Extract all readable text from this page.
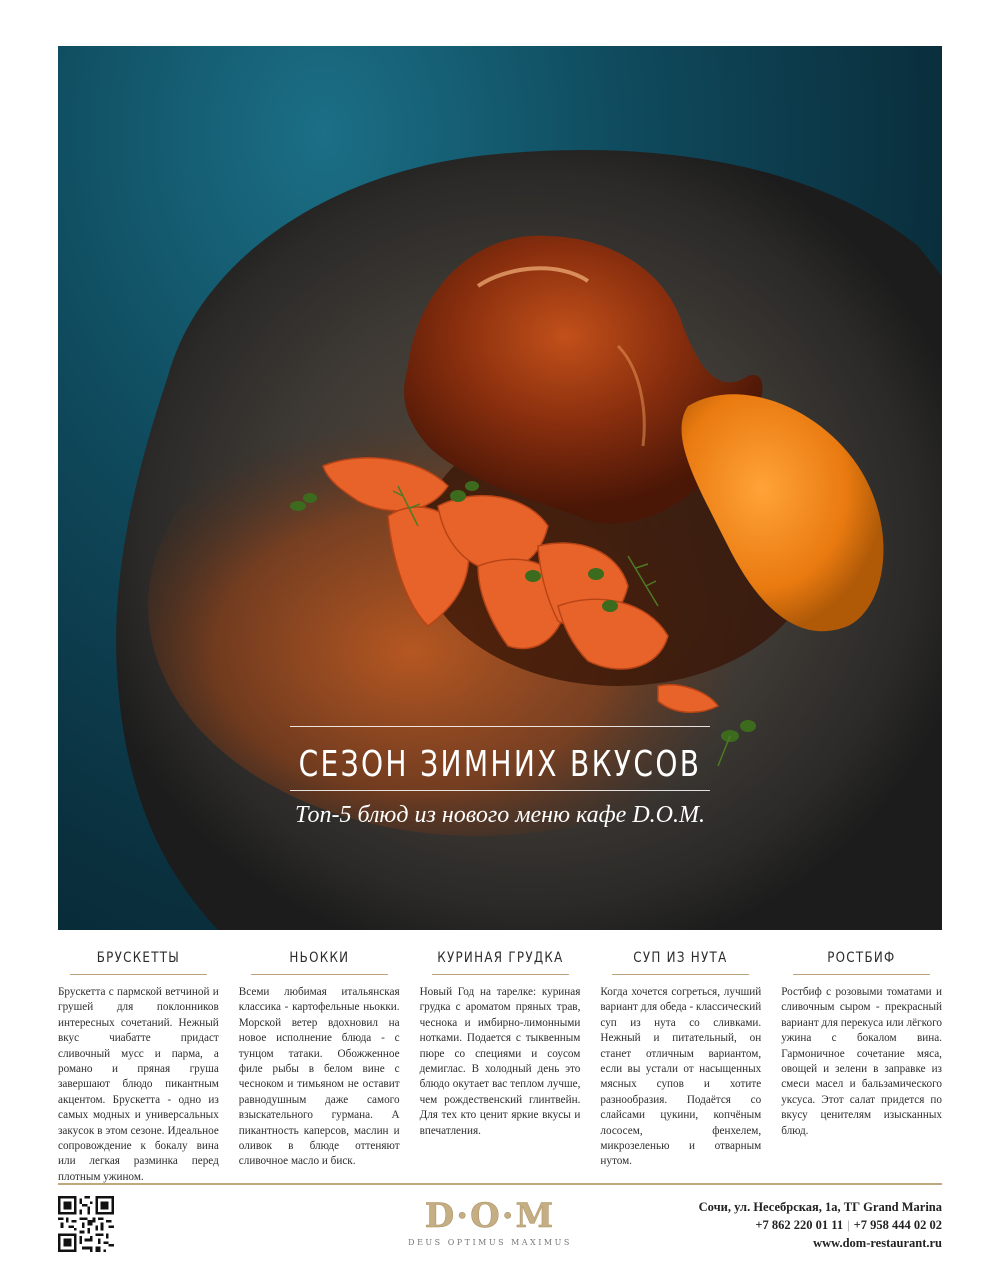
СЕЗОН ЗИМНИХ ВКУСОВ
Топ-5 блюд из нового меню кафе D.O.M.
БРУСКЕТТЫ
Брускетта с пармской ветчиной и грушей для поклонников интересных сочетаний. Нежный вкус чиабатте придаст сливочный мусс и парма, а романо и пряная груша завершают блюдо пикантным акцентом. Брускетта - одно из самых модных и универсальных закусок в этом сезоне. Идеальное сопровождение к бокалу вина или легкая разминка перед плотным ужином.
НЬОККИ
Всеми любимая итальянская классика - картофельные ньокки. Морской ветер вдохновил на новое исполнение блюда - с тунцом татаки. Обожженное филе рыбы в белом вине с чесноком и тимьяном не оставит равнодушным даже самого взыскательного гурмана. А пикантность каперсов, маслин и оливок в блюде оттеняют сливочное масло и биск.
КУРИНАЯ ГРУДКА
Новый Год на тарелке: куриная грудка с ароматом пряных трав, чеснока и имбирно-лимонными нотками. Подается с тыквенным пюре со специями и соусом демиглас. В холодный день это блюдо окутает вас теплом лучше, чем рождественский глинтвейн. Для тех кто ценит яркие вкусы и впечатления.
СУП ИЗ НУТА
Когда хочется согреться, лучший вариант для обеда - классический суп из нута со сливками. Нежный и питательный, он станет отличным вариантом, если вы устали от насыщенных мясных супов и хотите разнообразия. Подаётся со слайсами цукини, копчёным лососем, фенхелем, микрозеленью и отварным нутом.
РОСТБИФ
Ростбиф с розовыми томатами и сливочным сыром - прекрасный вариант для перекуса или лёгкого ужина с бокалом вина. Гармоничное сочетание мяса, овощей и зелени в заправке из смеси масел и бальзамического уксуса. Этот салат придется по вкусу ценителям изысканных блюд.
D·O·M
DEUS OPTIMUS MAXIMUS
Сочи, ул. Несебрская, 1а, ТГ Grand Marina
+7 862 220 01 11 | +7 958 444 02 02
www.dom-restaurant.ru
